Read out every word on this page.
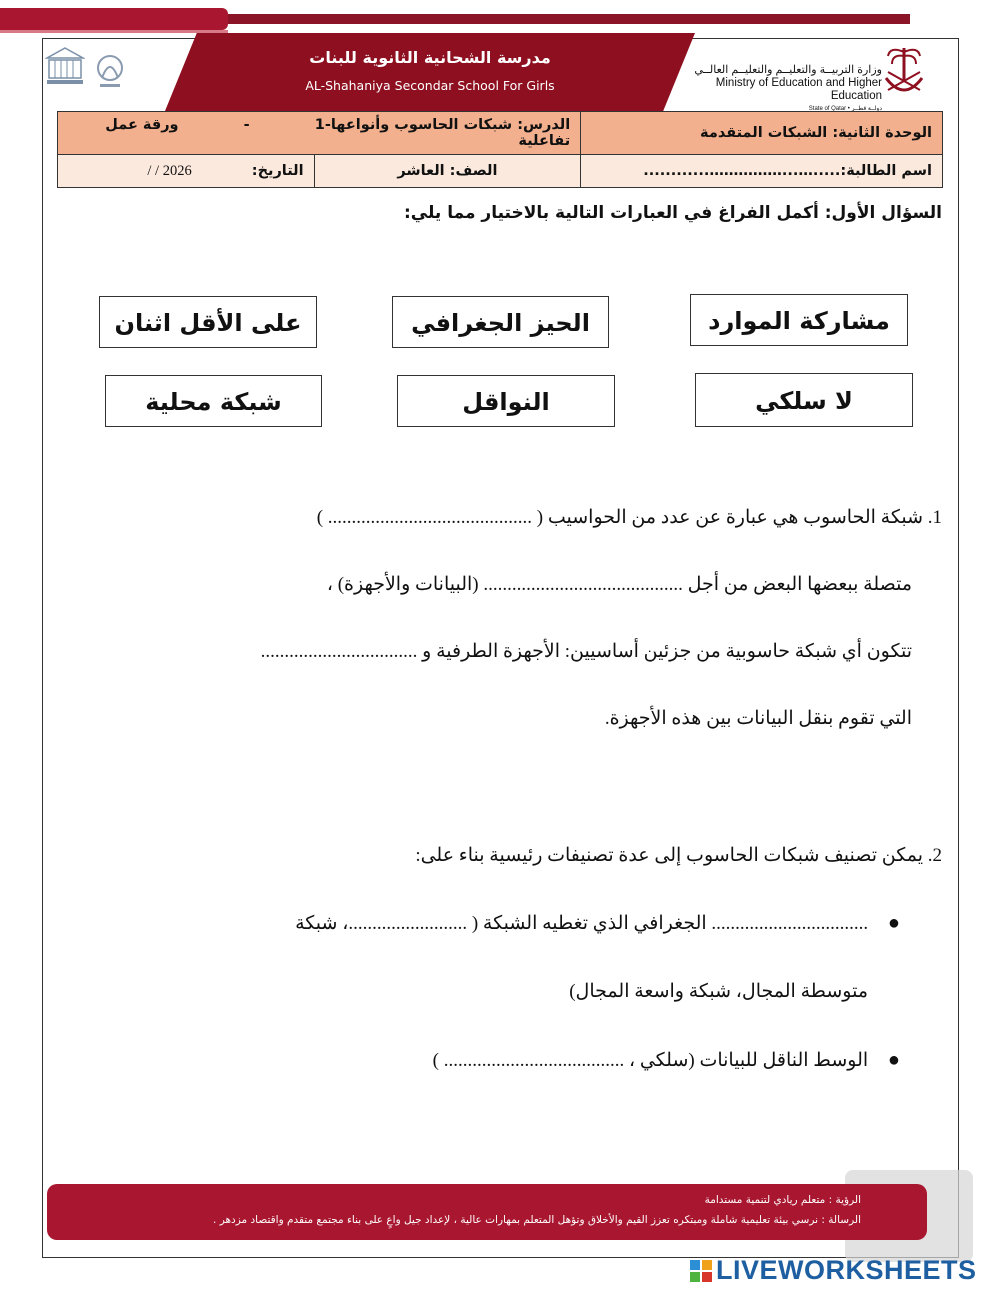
مدرسة الشحانية الثانوية للبنات
AL-Shahaniya Secondar School For Girls
وزارة التربيــة والتعليــم والتعليــم العالــي
Ministry of Education and Higher Education
State of Qatar • دولــة قطــر
الوحدة الثانية: الشبكات المتقدمة	الدرس: شبكات الحاسوب وأنواعها-1 - ورقة عمل تفاعلية	
اسم الطالبة:.....…...……………............	الصف: العاشر	التاريخ: 2026 / /
السؤال الأول: أكمل الفراغ في العبارات التالية بالاختيار مما يلي:
مشاركة الموارد
الحيز الجغرافي
على الأقل اثنان
لا سلكي
النواقل
شبكة محلية
1. شبكة الحاسوب هي عبارة عن عدد من الحواسيب ( ........................................... )
متصلة ببعضها البعض من أجل .......................................... (البيانات والأجهزة) ،
تتكون أي شبكة حاسوبية من جزئين أساسيين: الأجهزة الطرفية و .................................
التي تقوم بنقل البيانات بين هذه الأجهزة.
2. يمكن تصنيف شبكات الحاسوب إلى عدة تصنيفات رئيسية بناء على:
●    ................................. الجغرافي الذي تغطيه الشبكة ( .........................، شبكة
متوسطة المجال، شبكة واسعة المجال)
●    الوسط الناقل للبيانات (سلكي ، ...................................... )
الرؤية : متعلم ريادي لتنمية مستدامة
الرسالة : نرسي بيئة تعليمية شاملة ومبتكره تعزز القيم والأخلاق وتؤهل المتعلم بمهارات عالية ، لإعداد جيل واعٍ على بناء مجتمع متقدم واقتصاد مزدهر .
LIVEWORKSHEETS
